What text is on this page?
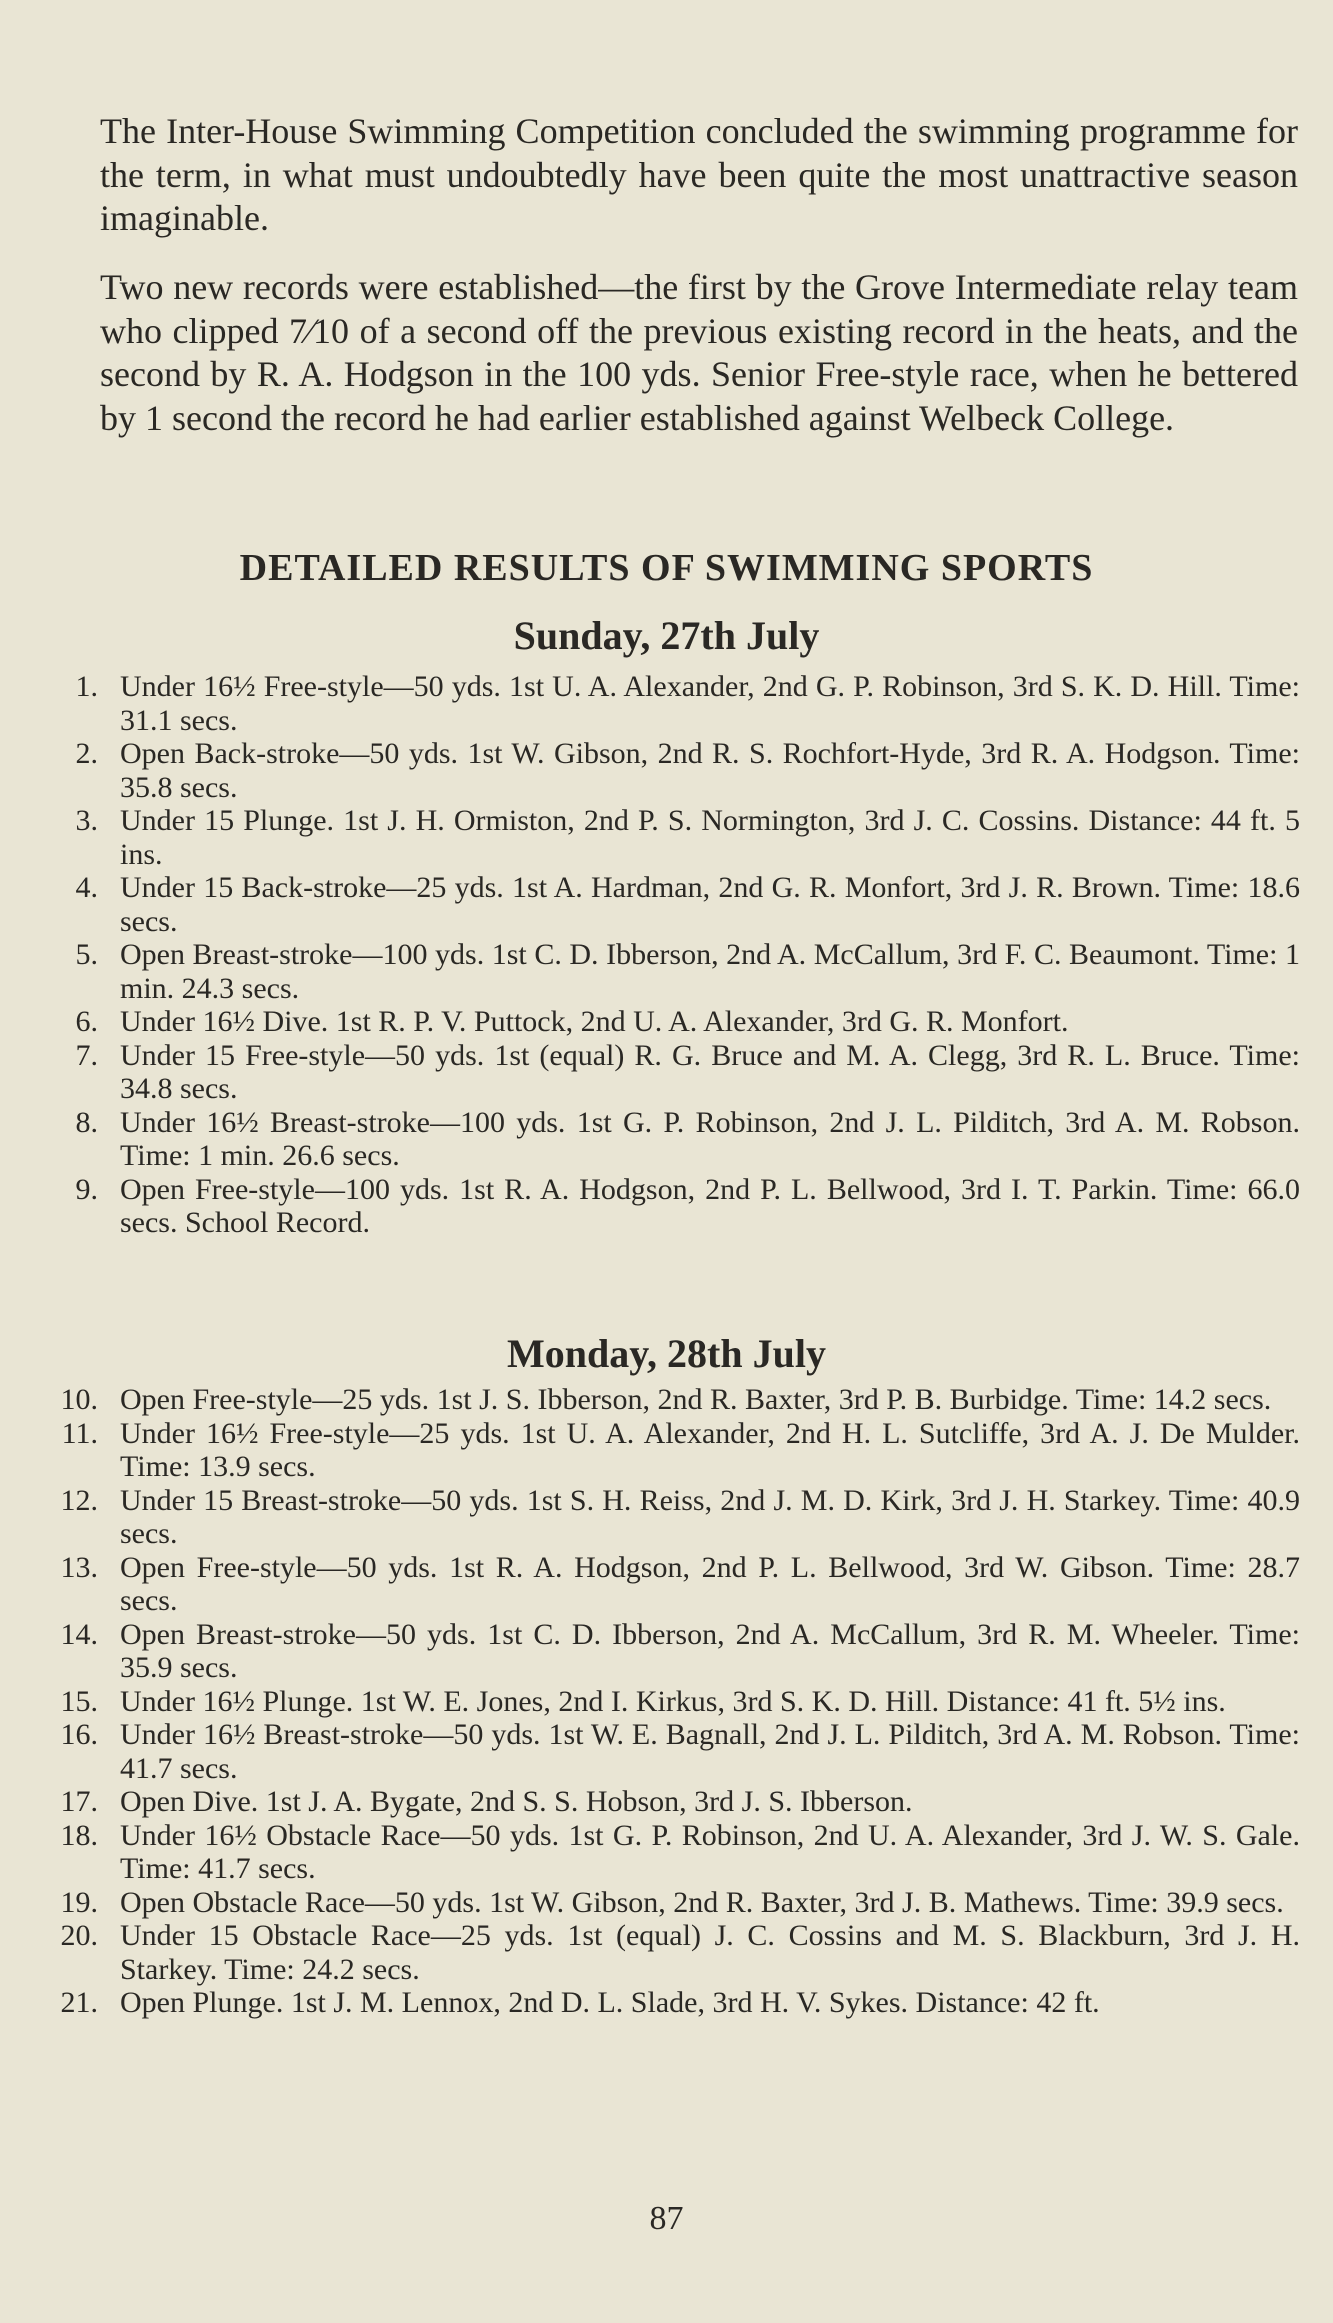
The Inter-House Swimming Competition concluded the swimming programme for the term, in what must undoubtedly have been quite the most unattractive season imaginable.

Two new records were established—the first by the Grove Intermediate relay team who clipped 7⁄10 of a second off the previous existing record in the heats, and the second by R. A. Hodgson in the 100 yds. Senior Free-style race, when he bettered by 1 second the record he had earlier established against Welbeck College.

DETAILED RESULTS OF SWIMMING SPORTS
Sunday, 27th July
1. Under 16½ Free-style—50 yds. 1st U. A. Alexander, 2nd G. P. Robinson, 3rd S. K. D. Hill. Time: 31.1 secs.
2. Open Back-stroke—50 yds. 1st W. Gibson, 2nd R. S. Rochfort-Hyde, 3rd R. A. Hodgson. Time: 35.8 secs.
3. Under 15 Plunge. 1st J. H. Ormiston, 2nd P. S. Normington, 3rd J. C. Cossins. Distance: 44 ft. 5 ins.
4. Under 15 Back-stroke—25 yds. 1st A. Hardman, 2nd G. R. Monfort, 3rd J. R. Brown. Time: 18.6 secs.
5. Open Breast-stroke—100 yds. 1st C. D. Ibberson, 2nd A. McCallum, 3rd F. C. Beaumont. Time: 1 min. 24.3 secs.
6. Under 16½ Dive. 1st R. P. V. Puttock, 2nd U. A. Alexander, 3rd G. R. Monfort.
7. Under 15 Free-style—50 yds. 1st (equal) R. G. Bruce and M. A. Clegg, 3rd R. L. Bruce. Time: 34.8 secs.
8. Under 16½ Breast-stroke—100 yds. 1st G. P. Robinson, 2nd J. L. Pilditch, 3rd A. M. Robson. Time: 1 min. 26.6 secs.
9. Open Free-style—100 yds. 1st R. A. Hodgson, 2nd P. L. Bellwood, 3rd I. T. Parkin. Time: 66.0 secs. School Record.
Monday, 28th July
10. Open Free-style—25 yds. 1st J. S. Ibberson, 2nd R. Baxter, 3rd P. B. Burbidge. Time: 14.2 secs.
11. Under 16½ Free-style—25 yds. 1st U. A. Alexander, 2nd H. L. Sutcliffe, 3rd A. J. De Mulder. Time: 13.9 secs.
12. Under 15 Breast-stroke—50 yds. 1st S. H. Reiss, 2nd J. M. D. Kirk, 3rd J. H. Starkey. Time: 40.9 secs.
13. Open Free-style—50 yds. 1st R. A. Hodgson, 2nd P. L. Bellwood, 3rd W. Gibson. Time: 28.7 secs.
14. Open Breast-stroke—50 yds. 1st C. D. Ibberson, 2nd A. McCallum, 3rd R. M. Wheeler. Time: 35.9 secs.
15. Under 16½ Plunge. 1st W. E. Jones, 2nd I. Kirkus, 3rd S. K. D. Hill. Distance: 41 ft. 5½ ins.
16. Under 16½ Breast-stroke—50 yds. 1st W. E. Bagnall, 2nd J. L. Pilditch, 3rd A. M. Robson. Time: 41.7 secs.
17. Open Dive. 1st J. A. Bygate, 2nd S. S. Hobson, 3rd J. S. Ibberson.
18. Under 16½ Obstacle Race—50 yds. 1st G. P. Robinson, 2nd U. A. Alexander, 3rd J. W. S. Gale. Time: 41.7 secs.
19. Open Obstacle Race—50 yds. 1st W. Gibson, 2nd R. Baxter, 3rd J. B. Mathews. Time: 39.9 secs.
20. Under 15 Obstacle Race—25 yds. 1st (equal) J. C. Cossins and M. S. Blackburn, 3rd J. H. Starkey. Time: 24.2 secs.
21. Open Plunge. 1st J. M. Lennox, 2nd D. L. Slade, 3rd H. V. Sykes. Distance: 42 ft.
87
